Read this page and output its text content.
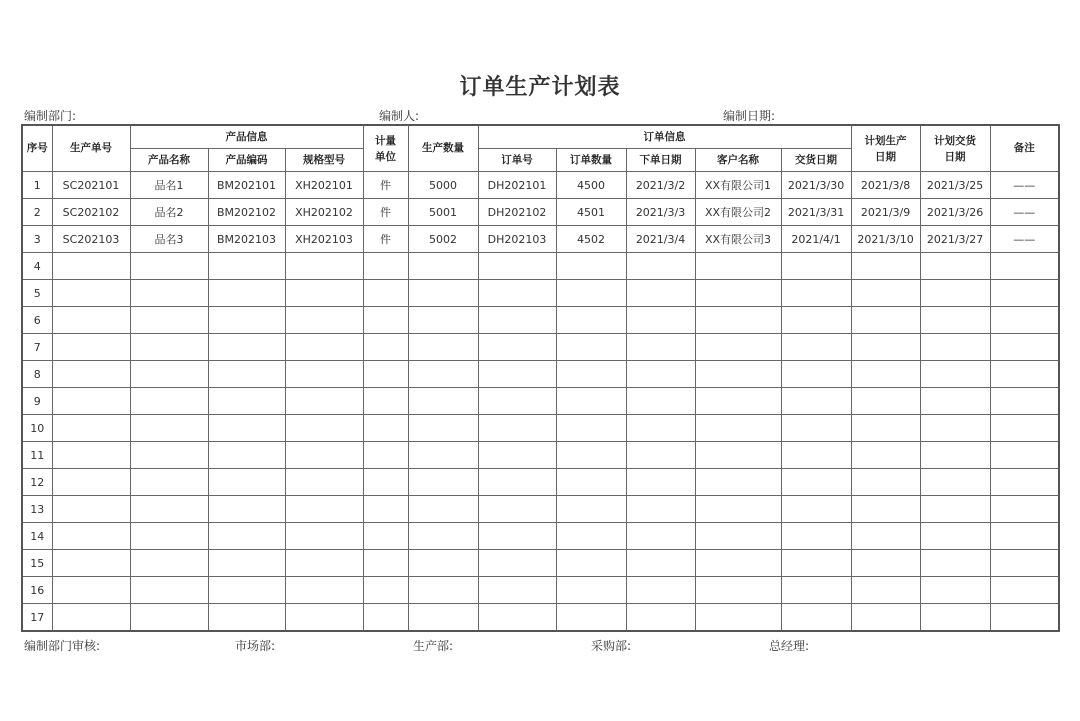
订单生产计划表
编制部门:	编制人:	编制日期:
序号	生产单号	产品信息			计量单位	生产数量	订单信息					计划生产日期	计划交货日期	备注
		产品名称	产品编码	规格型号			订单号	订单数量	下单日期	客户名称	交货日期			
1	SC202101	品名1	BM202101	XH202101	件	5000	DH202101	4500	2021/3/2	XX有限公司1	2021/3/30	2021/3/8	2021/3/25	——
2	SC202102	品名2	BM202102	XH202102	件	5001	DH202102	4501	2021/3/3	XX有限公司2	2021/3/31	2021/3/9	2021/3/26	——
3	SC202103	品名3	BM202103	XH202103	件	5002	DH202103	4502	2021/3/4	XX有限公司3	2021/4/1	2021/3/10	2021/3/27	——
4														
5														
6														
7														
8														
9														
10														
11														
12														
13														
14														
15														
16														
17														
编制部门审核:	市场部:	生产部:	采购部:	总经理:
